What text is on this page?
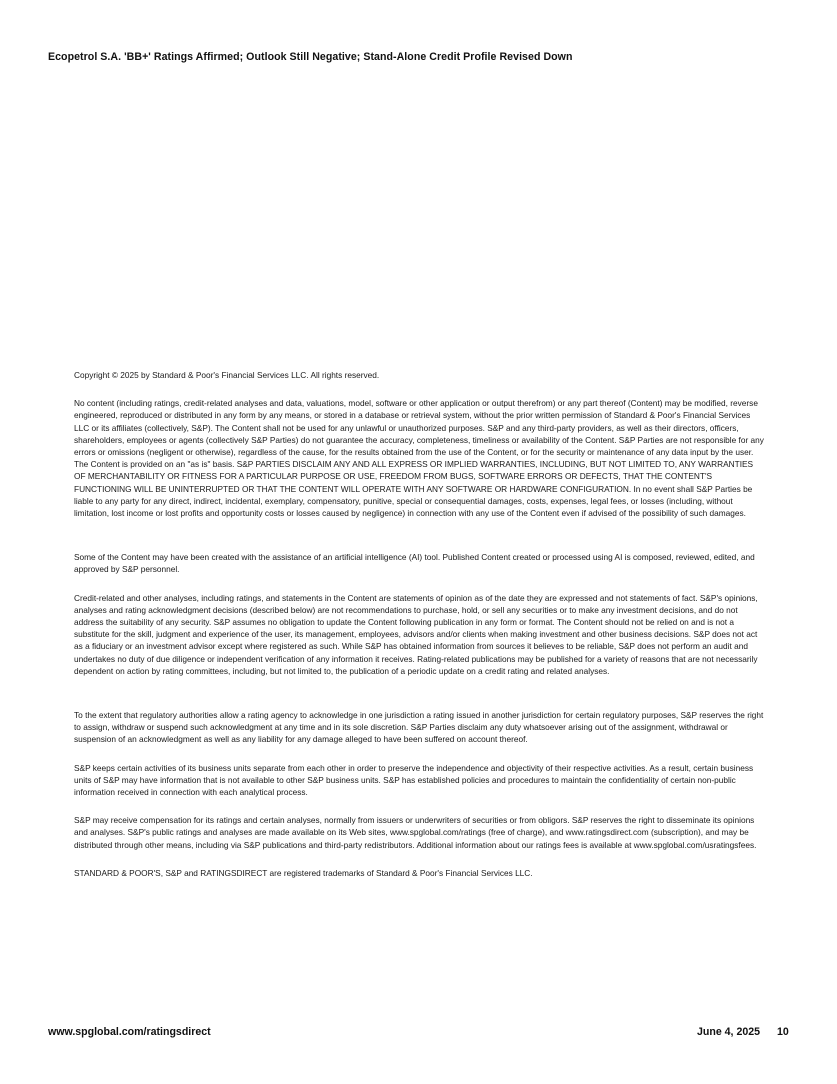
Ecopetrol S.A. 'BB+' Ratings Affirmed; Outlook Still Negative; Stand-Alone Credit Profile Revised Down

Copyright © 2025 by Standard & Poor's Financial Services LLC. All rights reserved.

No content (including ratings, credit-related analyses and data, valuations, model, software or other application or output therefrom) or any part thereof (Content) may be modified, reverse engineered, reproduced or distributed in any form by any means, or stored in a database or retrieval system, without the prior written permission of Standard & Poor's Financial Services LLC or its affiliates (collectively, S&P). The Content shall not be used for any unlawful or unauthorized purposes. S&P and any third-party providers, as well as their directors, officers, shareholders, employees or agents (collectively S&P Parties) do not guarantee the accuracy, completeness, timeliness or availability of the Content. S&P Parties are not responsible for any errors or omissions (negligent or otherwise), regardless of the cause, for the results obtained from the use of the Content, or for the security or maintenance of any data input by the user. The Content is provided on an "as is" basis. S&P PARTIES DISCLAIM ANY AND ALL EXPRESS OR IMPLIED WARRANTIES, INCLUDING, BUT NOT LIMITED TO, ANY WARRANTIES OF MERCHANTABILITY OR FITNESS FOR A PARTICULAR PURPOSE OR USE, FREEDOM FROM BUGS, SOFTWARE ERRORS OR DEFECTS, THAT THE CONTENT'S FUNCTIONING WILL BE UNINTERRUPTED OR THAT THE CONTENT WILL OPERATE WITH ANY SOFTWARE OR HARDWARE CONFIGURATION. In no event shall S&P Parties be liable to any party for any direct, indirect, incidental, exemplary, compensatory, punitive, special or consequential damages, costs, expenses, legal fees, or losses (including, without limitation, lost income or lost profits and opportunity costs or losses caused by negligence) in connection with any use of the Content even if advised of the possibility of such damages.

Some of the Content may have been created with the assistance of an artificial intelligence (AI) tool. Published Content created or processed using AI is composed, reviewed, edited, and approved by S&P personnel.

Credit-related and other analyses, including ratings, and statements in the Content are statements of opinion as of the date they are expressed and not statements of fact. S&P's opinions, analyses and rating acknowledgment decisions (described below) are not recommendations to purchase, hold, or sell any securities or to make any investment decisions, and do not address the suitability of any security. S&P assumes no obligation to update the Content following publication in any form or format. The Content should not be relied on and is not a substitute for the skill, judgment and experience of the user, its management, employees, advisors and/or clients when making investment and other business decisions. S&P does not act as a fiduciary or an investment advisor except where registered as such. While S&P has obtained information from sources it believes to be reliable, S&P does not perform an audit and undertakes no duty of due diligence or independent verification of any information it receives. Rating-related publications may be published for a variety of reasons that are not necessarily dependent on action by rating committees, including, but not limited to, the publication of a periodic update on a credit rating and related analyses.

To the extent that regulatory authorities allow a rating agency to acknowledge in one jurisdiction a rating issued in another jurisdiction for certain regulatory purposes, S&P reserves the right to assign, withdraw or suspend such acknowledgment at any time and in its sole discretion. S&P Parties disclaim any duty whatsoever arising out of the assignment, withdrawal or suspension of an acknowledgment as well as any liability for any damage alleged to have been suffered on account thereof.

S&P keeps certain activities of its business units separate from each other in order to preserve the independence and objectivity of their respective activities. As a result, certain business units of S&P may have information that is not available to other S&P business units. S&P has established policies and procedures to maintain the confidentiality of certain non-public information received in connection with each analytical process.

S&P may receive compensation for its ratings and certain analyses, normally from issuers or underwriters of securities or from obligors. S&P reserves the right to disseminate its opinions and analyses. S&P's public ratings and analyses are made available on its Web sites, www.spglobal.com/ratings (free of charge), and www.ratingsdirect.com (subscription), and may be distributed through other means, including via S&P publications and third-party redistributors. Additional information about our ratings fees is available at www.spglobal.com/usratingsfees.

STANDARD & POOR'S, S&P and RATINGSDIRECT are registered trademarks of Standard & Poor's Financial Services LLC.

www.spglobal.com/ratingsdirect	June 4, 2025 10
